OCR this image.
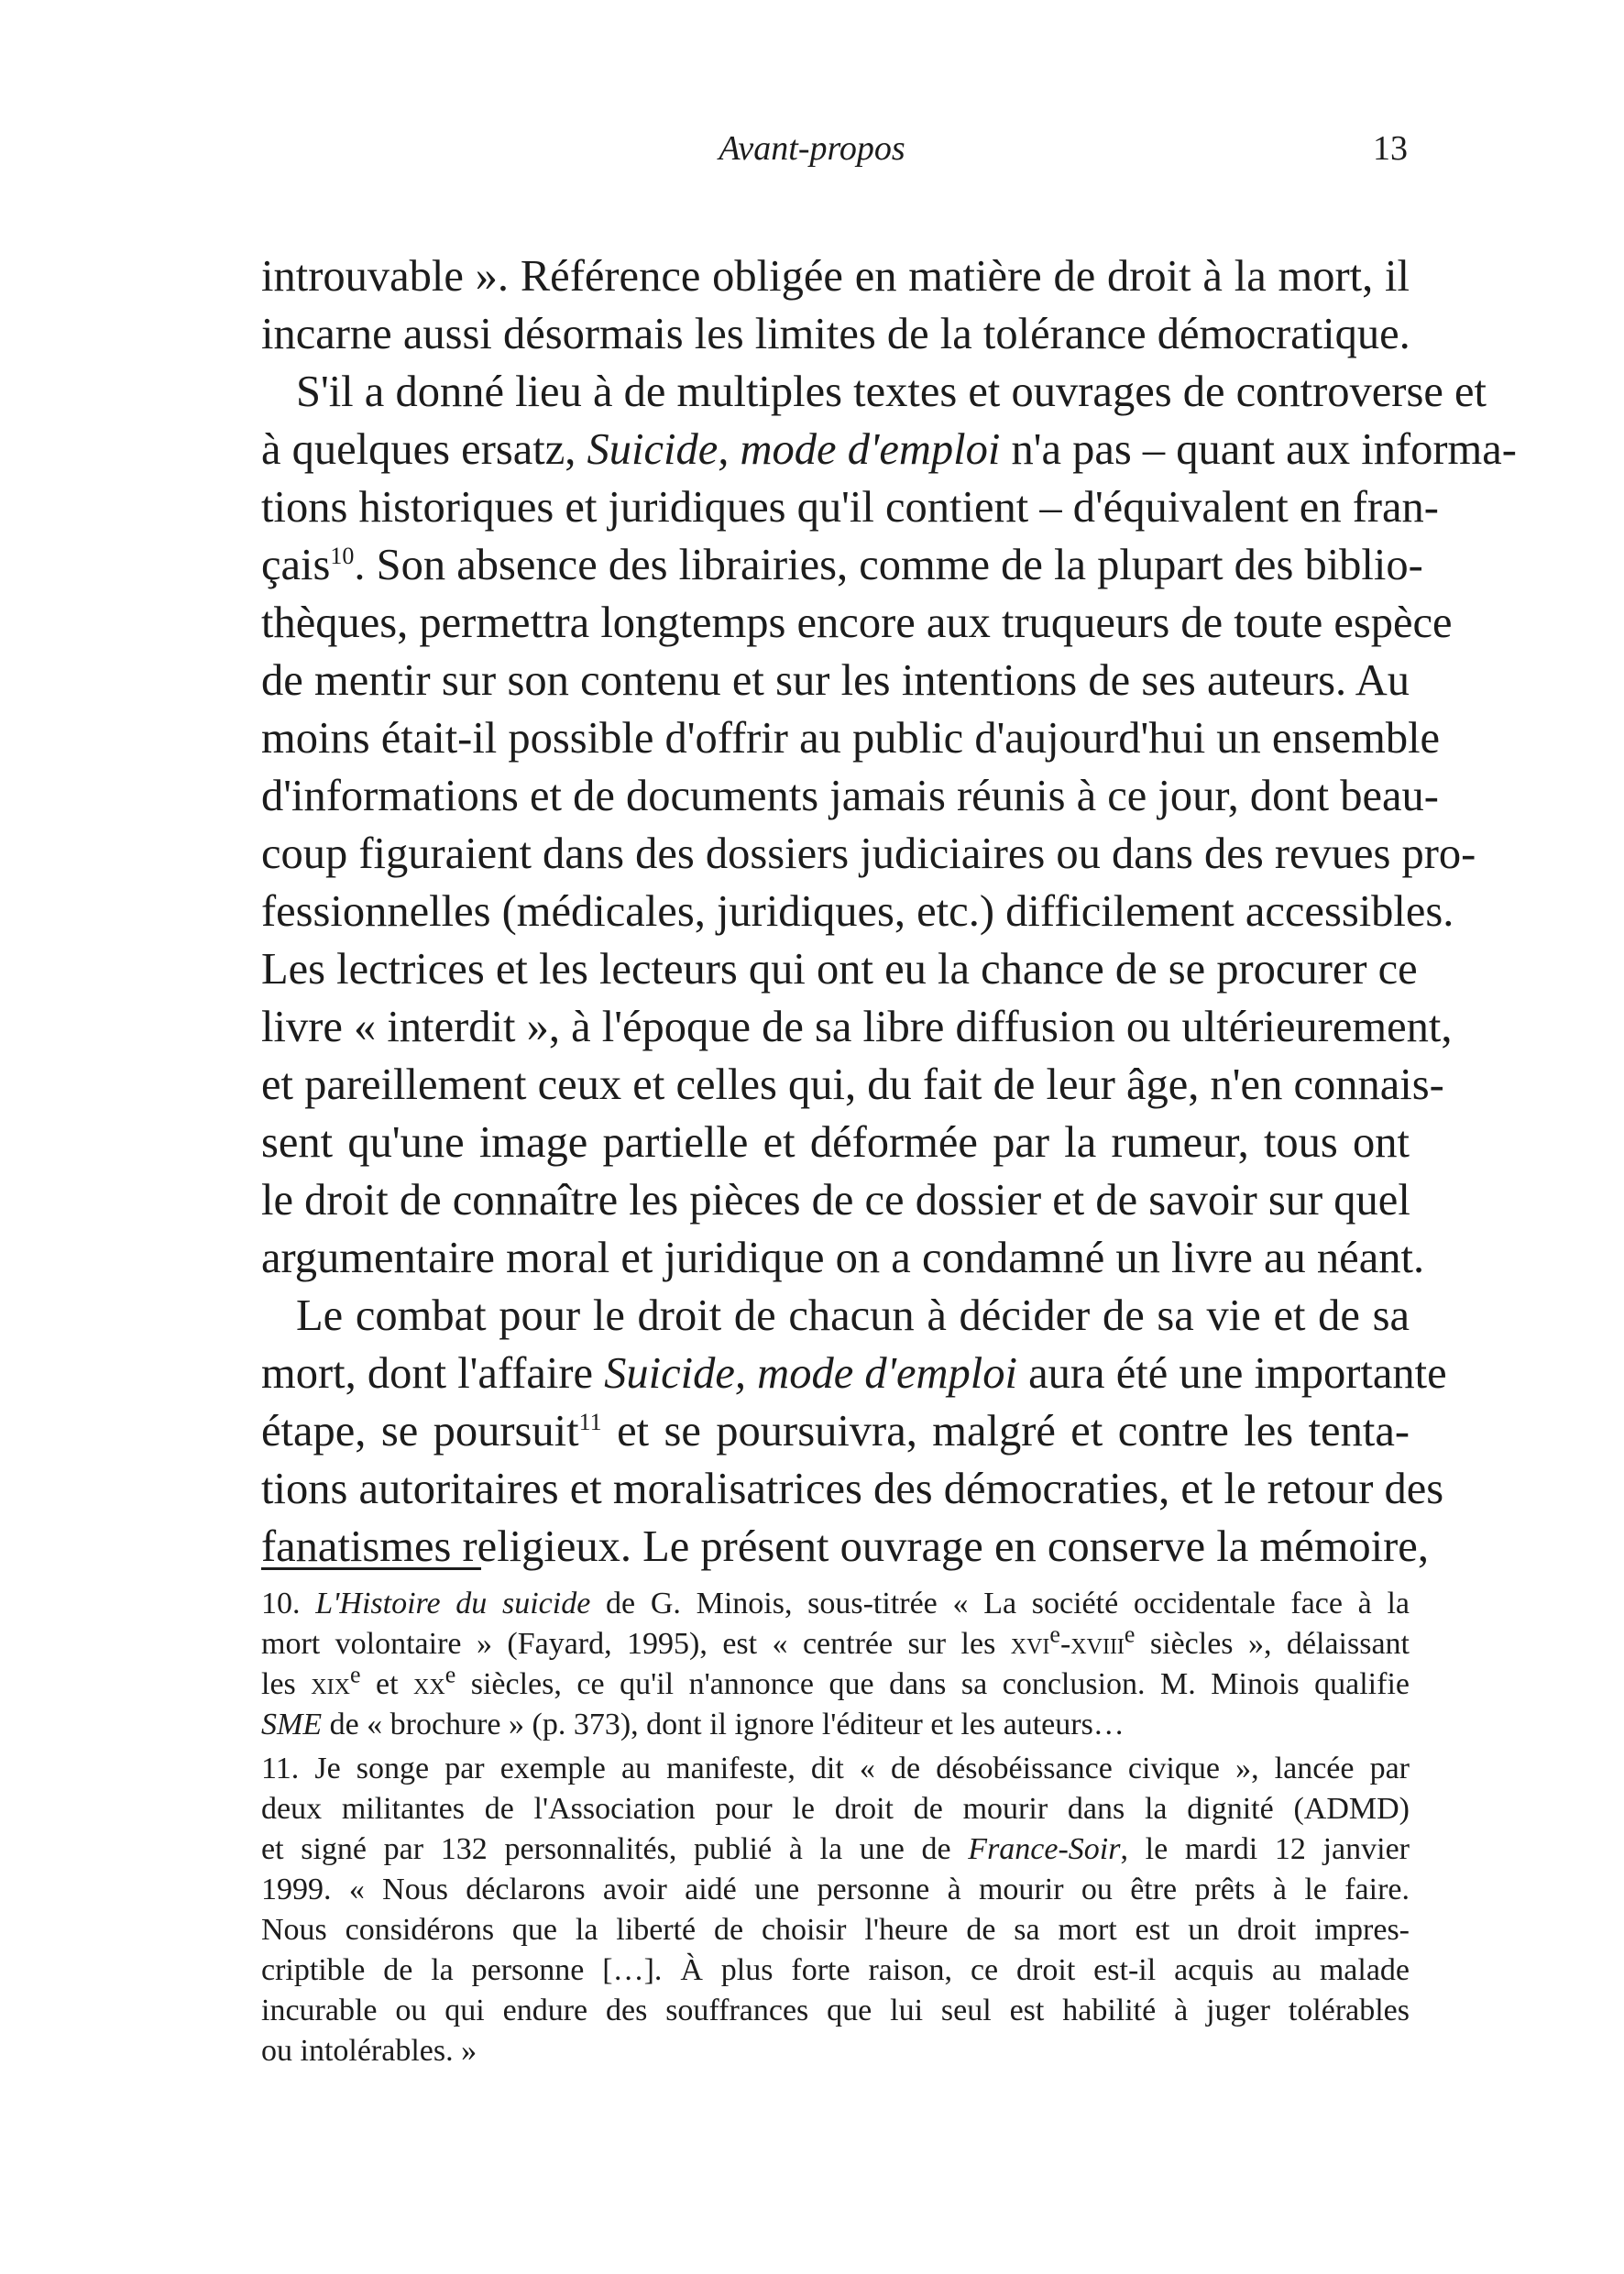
Avant-propos	13

introuvable ». Référence obligée en matière de droit à la mort, il
incarne aussi désormais les limites de la tolérance démocratique.

S'il a donné lieu à de multiples textes et ouvrages de controverse et
à quelques ersatz, Suicide, mode d'emploi n'a pas – quant aux informa-
tions historiques et juridiques qu'il contient – d'équivalent en fran-
çais$^{10}$. Son absence des librairies, comme de la plupart des biblio-
thèques, permettra longtemps encore aux truqueurs de toute espèce
de mentir sur son contenu et sur les intentions de ses auteurs. Au
moins était-il possible d'offrir au public d'aujourd'hui un ensemble
d'informations et de documents jamais réunis à ce jour, dont beau-
coup figuraient dans des dossiers judiciaires ou dans des revues pro-
fessionnelles (médicales, juridiques, etc.) difficilement accessibles.
Les lectrices et les lecteurs qui ont eu la chance de se procurer ce
livre « interdit », à l'époque de sa libre diffusion ou ultérieurement,
et pareillement ceux et celles qui, du fait de leur âge, n'en connais-
sent qu'une image partielle et déformée par la rumeur, tous ont
le droit de connaître les pièces de ce dossier et de savoir sur quel
argumentaire moral et juridique on a condamné un livre au néant.

Le combat pour le droit de chacun à décider de sa vie et de sa
mort, dont l'affaire Suicide, mode d'emploi aura été une importante
étape, se poursuit$^{11}$ et se poursuivra, malgré et contre les tenta-
tions autoritaires et moralisatrices des démocraties, et le retour des
fanatismes religieux. Le présent ouvrage en conserve la mémoire,

10. L'Histoire du suicide de G. Minois, sous-titrée « La société occidentale face à la
mort volontaire » (Fayard, 1995), est « centrée sur les xvi$^e$-xviii$^e$ siècles », délaissant
les xix$^e$ et $xx^e$ siècles, ce qu'il n'annonce que dans sa conclusion. M. Minois qualifie
SME de « brochure » (p. 373), dont il ignore l'éditeur et les auteurs…
11. Je songe par exemple au manifeste, dit « de désobéissance civique », lancée par
deux militantes de l'Association pour le droit de mourir dans la dignité (ADMD)
et signé par 132 personnalités, publié à la une de France-Soir, le mardi 12 janvier
1999. « Nous déclarons avoir aidé une personne à mourir ou être prêts à le faire.
Nous considérons que la liberté de choisir l'heure de sa mort est un droit impres-
criptible de la personne […]. À plus forte raison, ce droit est-il acquis au malade
incurable ou qui endure des souffrances que lui seul est habilité à juger tolérables
ou intolérables. »
